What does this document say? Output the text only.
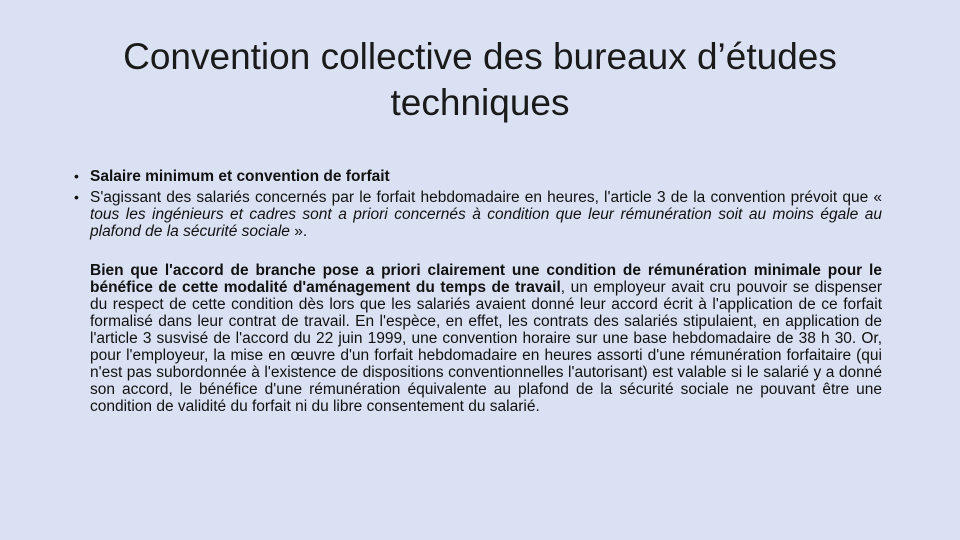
Convention collective des bureaux d’études techniques
• Salaire minimum et convention de forfait
• S'agissant des salariés concernés par le forfait hebdomadaire en heures, l'article 3 de la convention prévoit que « tous les ingénieurs et cadres sont a priori concernés à condition que leur rémunération soit au moins égale au plafond de la sécurité sociale ».
Bien que l'accord de branche pose a priori clairement une condition de rémunération minimale pour le bénéfice de cette modalité d'aménagement du temps de travail, un employeur avait cru pouvoir se dispenser du respect de cette condition dès lors que les salariés avaient donné leur accord écrit à l'application de ce forfait formalisé dans leur contrat de travail. En l'espèce, en effet, les contrats des salariés stipulaient, en application de l'article 3 susvisé de l'accord du 22 juin 1999, une convention horaire sur une base hebdomadaire de 38 h 30. Or, pour l'employeur, la mise en œuvre d'un forfait hebdomadaire en heures assorti d'une rémunération forfaitaire (qui n'est pas subordonnée à l'existence de dispositions conventionnelles l'autorisant) est valable si le salarié y a donné son accord, le bénéfice d'une rémunération équivalente au plafond de la sécurité sociale ne pouvant être une condition de validité du forfait ni du libre consentement du salarié.
